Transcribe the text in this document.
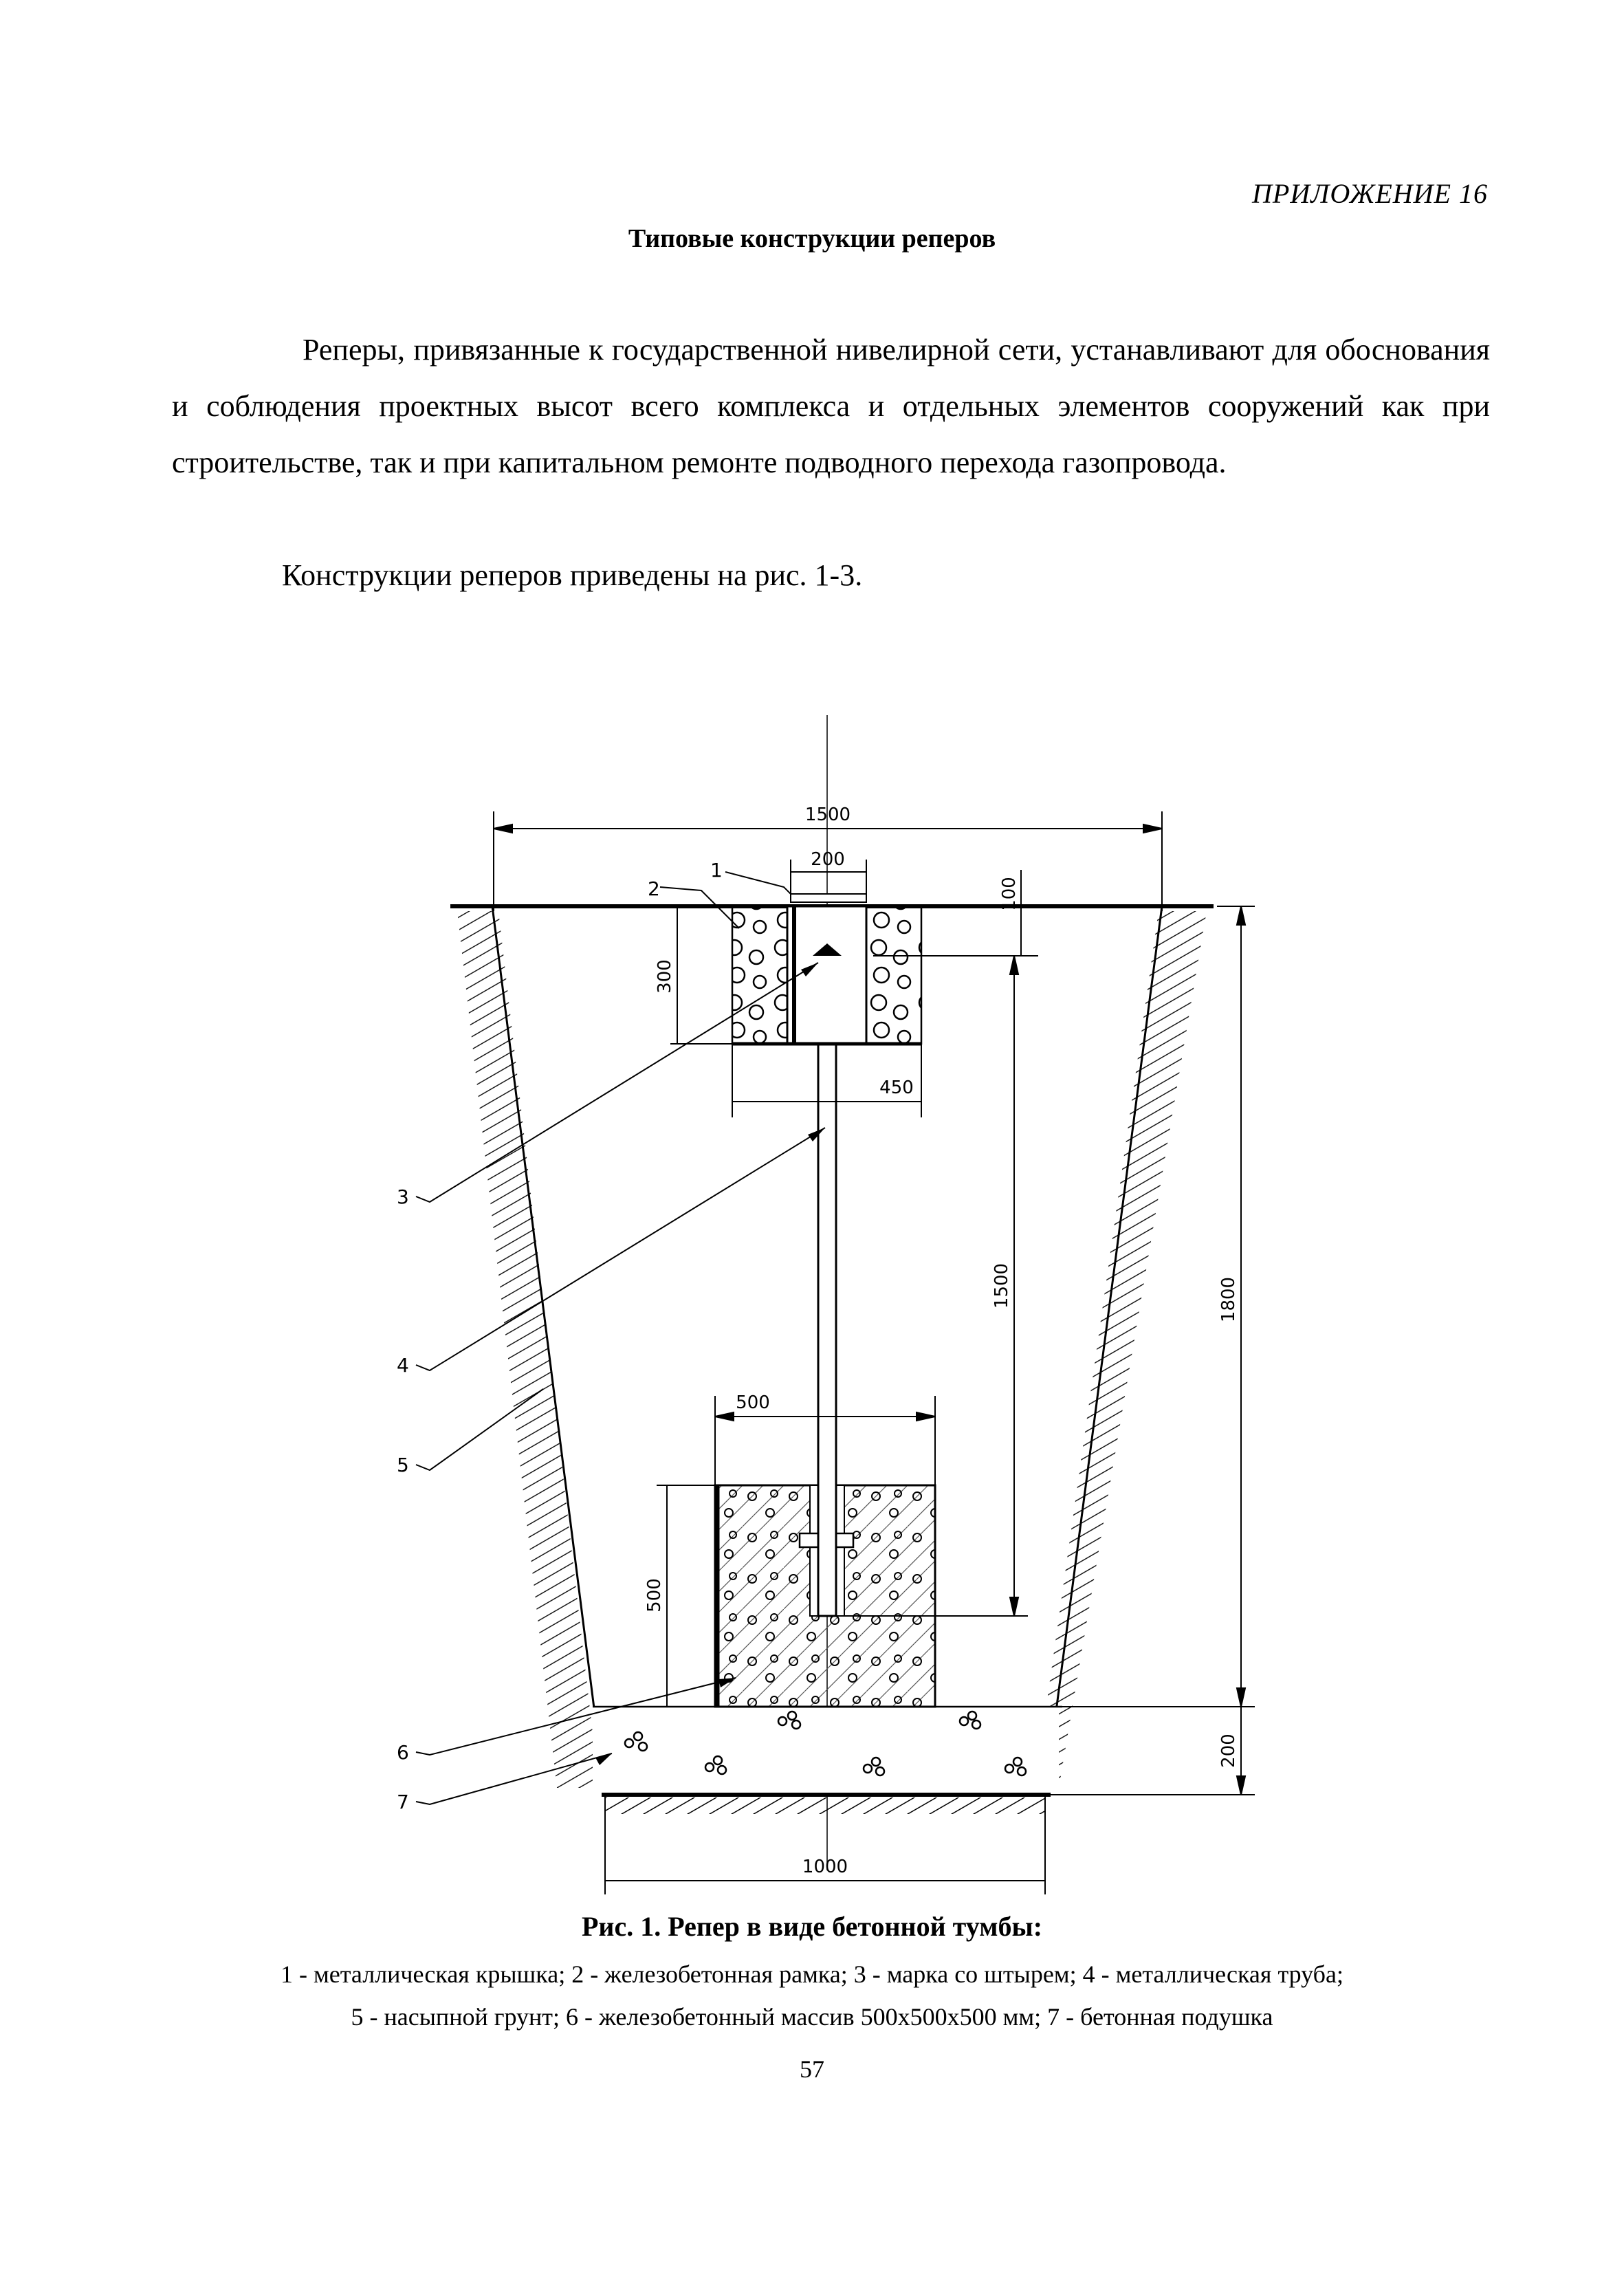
ПРИЛОЖЕНИЕ 16
Типовые конструкции реперов

Реперы, привязанные к государственной нивелирной сети, устанавливают для обоснования и соблюдения проектных высот всего комплекса и отдельных элементов сооружений как при строительстве, так и при капитальном ремонте подводного перехода газопровода.

Конструкции реперов приведены на рис. 1-3.

1500
200
100
300
450
1500	1800
200
500
500
1000
1
2
3
4
5
6
7
Рис. 1. Репер в виде бетонной тумбы:
1 - металлическая крышка; 2 - железобетонная рамка; 3 - марка со штырем; 4 - металлическая труба;
5 - насыпной грунт; 6 - железобетонный массив 500х500х500 мм; 7 - бетонная подушка
57
